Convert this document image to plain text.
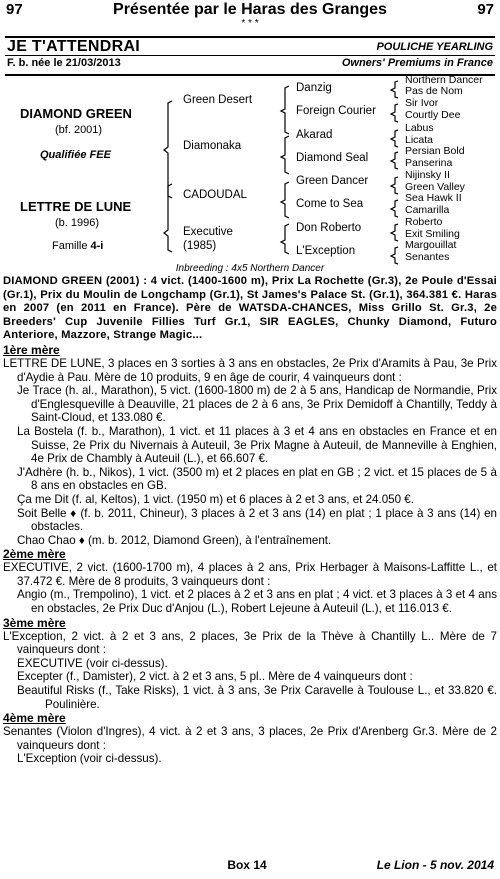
97	Présentée par le Haras des Granges	97
* * *
JE T'ATTENDRAI	POULICHE YEARLING
F. b. née le 21/03/2013	Owners' Premiums in France
DIAMOND GREEN
(bf. 2001)
Qualifiée FEE
LETTRE DE LUNE
(b. 1996)
Famille 4-i
Green Desert
Diamonaka
CADOUDAL
Executive
(1985)
Danzig
Foreign Courier
Akarad
Diamond Seal
Green Dancer
Come to Sea
Don Roberto
L'Exception
Northern Dancer
Pas de Nom
Sir Ivor
Courtly Dee
Labus
Licata
Persian Bold
Panserina
Nijinsky II
Green Valley
Sea Hawk II
Camarilla
Roberto
Exit Smiling
Margouillat
Senantes
Inbreeding : 4x5 Northern Dancer

DIAMOND GREEN (2001) : 4 vict. (1400-1600 m), Prix La Rochette (Gr.3), 2e Poule d'Essai (Gr.1), Prix du Moulin de Longchamp (Gr.1), St James's Palace St. (Gr.1), 364.381 €. Haras en 2007 (en 2011 en France). Père de WATSDA-CHANCES, Miss Grillo St. Gr.3, 2e Breeders' Cup Juvenile Fillies Turf Gr.1, SIR EAGLES, Chunky Diamond, Futuro Anteriore, Mazzore, Strange Magic...

1ère mère

LETTRE DE LUNE, 3 places en 3 sorties à 3 ans en obstacles, 2e Prix d'Aramits à Pau, 3e Prix d'Aydie à Pau. Mère de 10 produits, 9 en âge de courir, 4 vainqueurs dont :

Je Trace (h. al., Marathon), 5 vict. (1600-1800 m) de 2 à 5 ans, Handicap de Normandie, Prix d'Englesqueville à Deauville, 21 places de 2 à 6 ans, 3e Prix Demidoff à Chantilly, Teddy à Saint-Cloud, et 133.080 €.

La Bostela (f. b., Marathon), 1 vict. et 11 places à 3 et 4 ans en obstacles en France et en Suisse, 2e Prix du Nivernais à Auteuil, 3e Prix Magne à Auteuil, de Manneville à Enghien, 4e Prix de Chambly à Auteuil (L.), et 66.607 €.

J'Adhère (h. b., Nikos), 1 vict. (3500 m) et 2 places en plat en GB ; 2 vict. et 15 places de 5 à 8 ans en obstacles en GB.

Ça me Dit (f. al, Keltos), 1 vict. (1950 m) et 6 places à 2 et 3 ans, et 24.050 €.

Soit Belle ♦ (f. b. 2011, Chineur), 3 places à 2 et 3 ans (14) en plat ; 1 place à 3 ans (14) en obstacles.

Chao Chao ♦ (m. b. 2012, Diamond Green), à l'entraînement.

2ème mère

EXECUTIVE, 2 vict. (1600-1700 m), 4 places à 2 ans, Prix Herbager à Maisons-Laffitte L., et 37.472 €. Mère de 8 produits, 3 vainqueurs dont :

Angio (m., Trempolino), 1 vict. et 2 places à 2 et 3 ans en plat ; 4 vict. et 3 places à 3 et 4 ans en obstacles, 2e Prix Duc d'Anjou (L.), Robert Lejeune à Auteuil (L.), et 116.013 €.

3ème mère

L'Exception, 2 vict. à 2 et 3 ans, 2 places, 3e Prix de la Thève à Chantilly L.. Mère de 7 vainqueurs dont :

EXECUTIVE (voir ci-dessus).

Excepter (f., Damister), 2 vict. à 2 et 3 ans, 5 pl.. Mère de 4 vainqueurs dont :

Beautiful Risks (f., Take Risks), 1 vict. à 3 ans, 3e Prix Caravelle à Toulouse L., et 33.820 €. Poulinière.

4ème mère

Senantes (Violon d'Ingres), 4 vict. à 2 et 3 ans, 3 places, 2e Prix d'Arenberg Gr.3. Mère de 2 vainqueurs dont :

L'Exception (voir ci-dessus).

Box 14	Le Lion - 5 nov. 2014
